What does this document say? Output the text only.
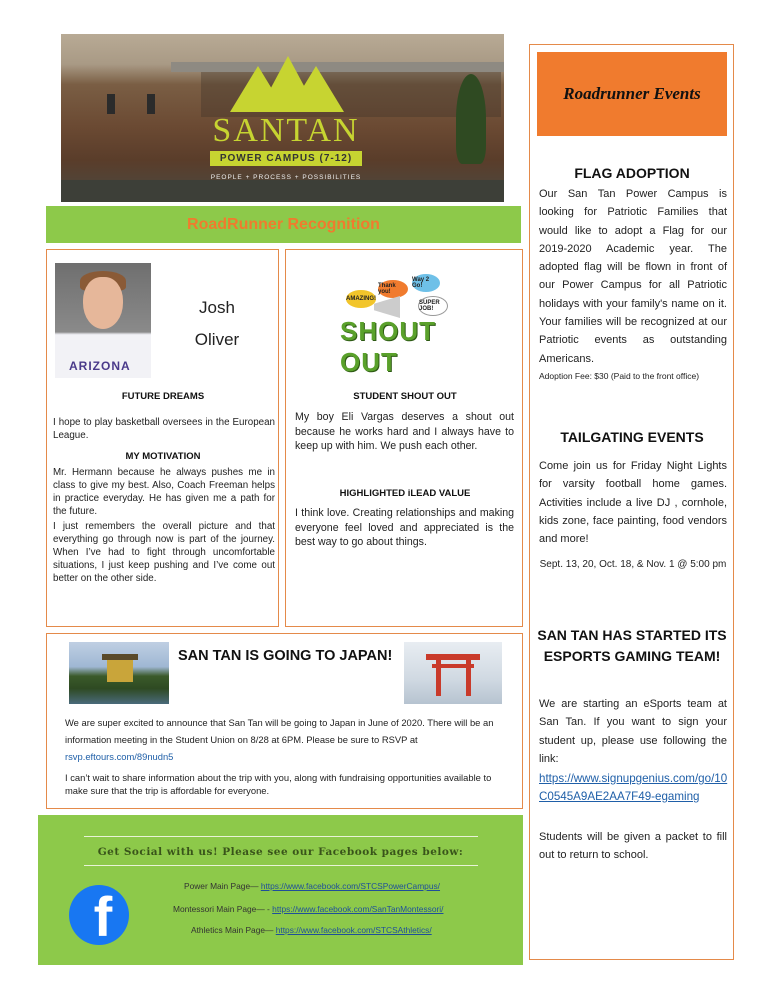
SANTAN
POWER CAMPUS (7-12)
PEOPLE + PROCESS + POSSIBILITIES
RoadRunner Recognition
ARIZONA
Josh
Oliver
FUTURE DREAMS
I hope to play basketball oversees in the European League.
MY MOTIVATION
Mr. Hermann because he always pushes me in class to give my best. Also, Coach Freeman helps in practice everyday. He has given me a path for the future.
I just remembers the overall picture and that everything go through now is part of the journey. When I’ve had to fight through uncomfortable situations, I just keep pushing and I’ve come out better on the other side.
AMAZING!
Thank you!
Way 2 Go!
SUPER JOB!
SHOUT OUT
STUDENT SHOUT OUT
My boy Eli Vargas deserves a shout out because he works hard and I always have to keep up with him. We push each other.
HIGHLIGHTED iLEAD VALUE
I think love. Creating relationships and making everyone feel loved and appreciated is the best way to go about things.
SAN TAN IS GOING TO JAPAN!
We are super excited to announce that San Tan will be going to Japan in June of 2020. There will be an information meeting in the Student Union on 8/28 at 6PM. Please be sure to RSVP at
rsvp.eftours.com/89nudn5
I can’t wait to share information about the trip with you, along with fundraising opportunities available to make sure that the trip is affordable for everyone.
Get Social with us! Please see our Facebook pages below:
f	Power Main Page— https://www.facebook.com/STCSPowerCampus/
Montessori Main Page— - https://www.facebook.com/SanTanMontessori/
Athletics Main Page— https://www.facebook.com/STCSAthletics/
Roadrunner Events
FLAG ADOPTION
Our San Tan Power Campus is looking for Patriotic Families that would like to adopt a Flag for our 2019-2020 Academic year. The adopted flag will be flown in front of our Power Campus for all Patriotic holidays with your family's name on it. Your families will be recognized at our Patriotic events as outstanding Americans.
Adoption Fee: $30 (Paid to the front office)
TAILGATING EVENTS
Come join us for Friday Night Lights for varsity football home games. Activities include a live DJ , cornhole, kids zone, face painting, food vendors and more!
Sept. 13, 20, Oct. 18, & Nov. 1 @ 5:00 pm
SAN TAN HAS STARTED ITS ESPORTS GAMING TEAM!
We are starting an eSports team at San Tan. If you want to sign your student up, please use following the link:
https://www.signupgenius.com/go/10C0545A9AE2AA7F49-egaming
Students will be given a packet to fill out to return to school.
